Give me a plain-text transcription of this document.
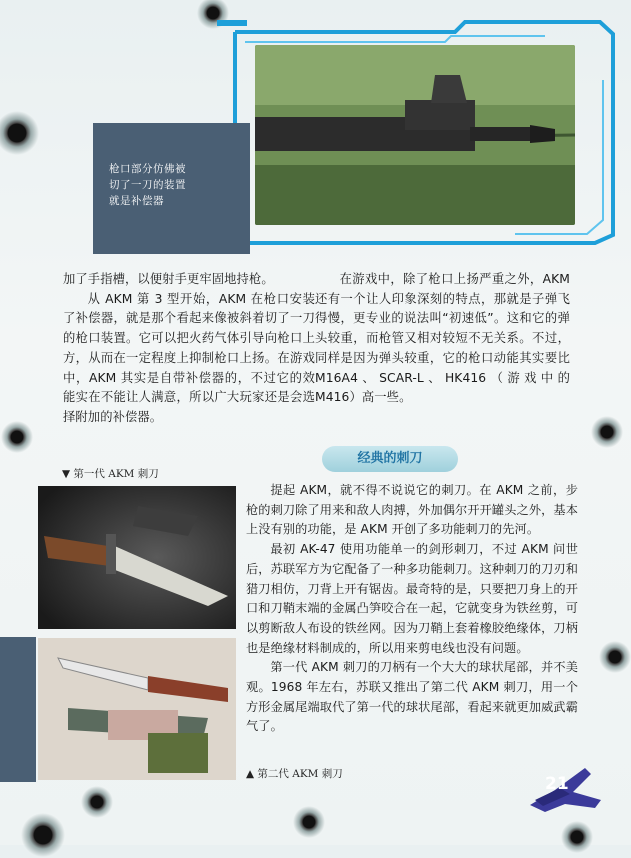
枪口部分仿佛被
切了一刀的装置
就是补偿器

加了手指槽，以便射手更牢固地持枪。

从 AKM 第 3 型开始，AKM 在枪口安装了补偿器，就是那个看起来像被斜着切了一刀的枪口装置。它可以把火药气体引导向枪口上方，从而在一定程度上抑制枪口上扬。在游戏中，AKM 其实是自带补偿器的，不过它的效能实在不能让人满意，所以广大玩家还是会选择附加的补偿器。

在游戏中，除了枪口上扬严重之外，AKM 还有一个让人印象深刻的特点，那就是子弹飞得慢，更专业的说法叫“初速低”。这和它的弹头较重，而枪管又相对较短不无关系。不过，同样是因为弹头较重，它的枪口动能其实要比 M16A4、SCAR-L、HK416（游戏中的 M416）高一些。

经典的刺刀
▼ 第一代 AKM 刺刀
▲ 第二代 AKM 刺刀

提起 AKM，就不得不说说它的刺刀。在 AKM 之前，步枪的刺刀除了用来和敌人肉搏，外加偶尔开开罐头之外，基本上没有别的功能，是 AKM 开创了多功能刺刀的先河。

最初 AK-47 使用功能单一的剑形刺刀，不过 AKM 问世后，苏联军方为它配备了一种多功能刺刀。这种刺刀的刀刃和猎刀相仿，刀背上开有锯齿。最奇特的是，只要把刀身上的开口和刀鞘末端的金属凸笋咬合在一起，它就变身为铁丝剪，可以剪断敌人布设的铁丝网。因为刀鞘上套着橡胶绝缘体，刀柄也是绝缘材料制成的，所以用来剪电线也没有问题。

第一代 AKM 刺刀的刀柄有一个大大的球状尾部，并不美观。1968 年左右，苏联又推出了第二代 AKM 刺刀，用一个方形金属尾端取代了第一代的球状尾部，看起来就更加威武霸气了。

21
